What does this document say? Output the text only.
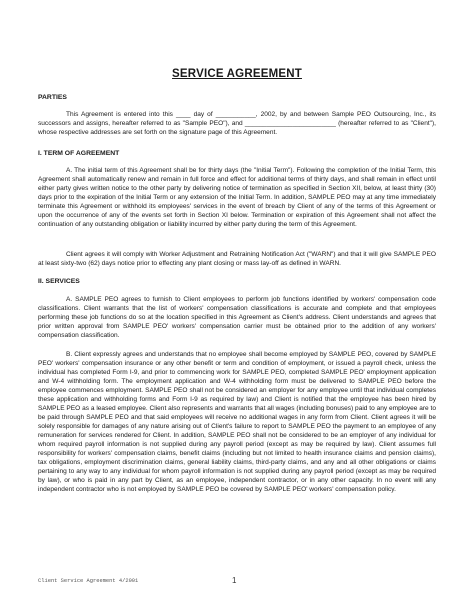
SERVICE AGREEMENT
PARTIES
This Agreement is entered into this ____ day of ___________, 2002, by and between Sample PEO Outsourcing, Inc., its successors and assigns, hereafter referred to as "Sample PEO"), and _________________________ (hereafter referred to as "Client"), whose respective addresses are set forth on the signature page of this Agreement.
I. TERM OF AGREEMENT
A. The initial term of this Agreement shall be for thirty days (the "Initial Term"). Following the completion of the Initial Term, this Agreement shall automatically renew and remain in full force and effect for additional terms of thirty days, and shall remain in effect until either party gives written notice to the other party by delivering notice of termination as specified in Section XII, below, at least thirty (30) days prior to the expiration of the Initial Term or any extension of the Initial Term. In addition, SAMPLE PEO may at any time immediately terminate this Agreement or withhold its employees' services in the event of breach by Client of any of the terms of this Agreement or upon the occurrence of any of the events set forth in Section XI below. Termination or expiration of this Agreement shall not affect the continuation of any outstanding obligation or liability incurred by either party during the term of this Agreement.
Client agrees it will comply with Worker Adjustment and Retraining Notification Act ("WARN") and that it will give SAMPLE PEO at least sixty-two (62) days notice prior to effecting any plant closing or mass lay-off as defined in WARN.
II. SERVICES
A. SAMPLE PEO agrees to furnish to Client employees to perform job functions identified by workers' compensation code classifications. Client warrants that the list of workers' compensation classifications is accurate and complete and that employees performing these job functions do so at the location specified in this Agreement as Client's address. Client understands and agrees that prior written approval from SAMPLE PEO' workers' compensation carrier must be obtained prior to the addition of any workers' compensation classification.
B. Client expressly agrees and understands that no employee shall become employed by SAMPLE PEO, covered by SAMPLE PEO' workers' compensation insurance or any other benefit or term and condition of employment, or issued a payroll check, unless the individual has completed Form I-9, and prior to commencing work for SAMPLE PEO, completed SAMPLE PEO' employment application and W-4 withholding form. The employment application and W-4 withholding form must be delivered to SAMPLE PEO before the employee commences employment. SAMPLE PEO shall not be considered an employer for any employee until that individual completes these application and withholding forms and Form I-9 as required by law) and Client is notified that the employee has been hired by SAMPLE PEO as a leased employee. Client also represents and warrants that all wages (including bonuses) paid to any employee are to be paid through SAMPLE PEO and that said employees will receive no additional wages in any form from Client. Client agrees it will be solely responsible for damages of any nature arising out of Client's failure to report to SAMPLE PEO the payment to an employee of any remuneration for services rendered for Client. In addition, SAMPLE PEO shall not be considered to be an employer of any individual for whom required payroll information is not supplied during any payroll period (except as may be required by law). Client assumes full responsibility for workers' compensation claims, benefit claims (including but not limited to health insurance claims and pension claims), tax obligations, employment discrimination claims, general liability claims, third-party claims, and any and all other obligations or claims pertaining to any way to any individual for whom payroll information is not supplied during any payroll period (except as may be required by law), or who is paid in any part by Client, as an employee, independent contractor, or in any other capacity. In no event will any independent contractor who is not employed by SAMPLE PEO be covered by SAMPLE PEO' workers' compensation policy.
Client Service Agreement 4/2001	1
